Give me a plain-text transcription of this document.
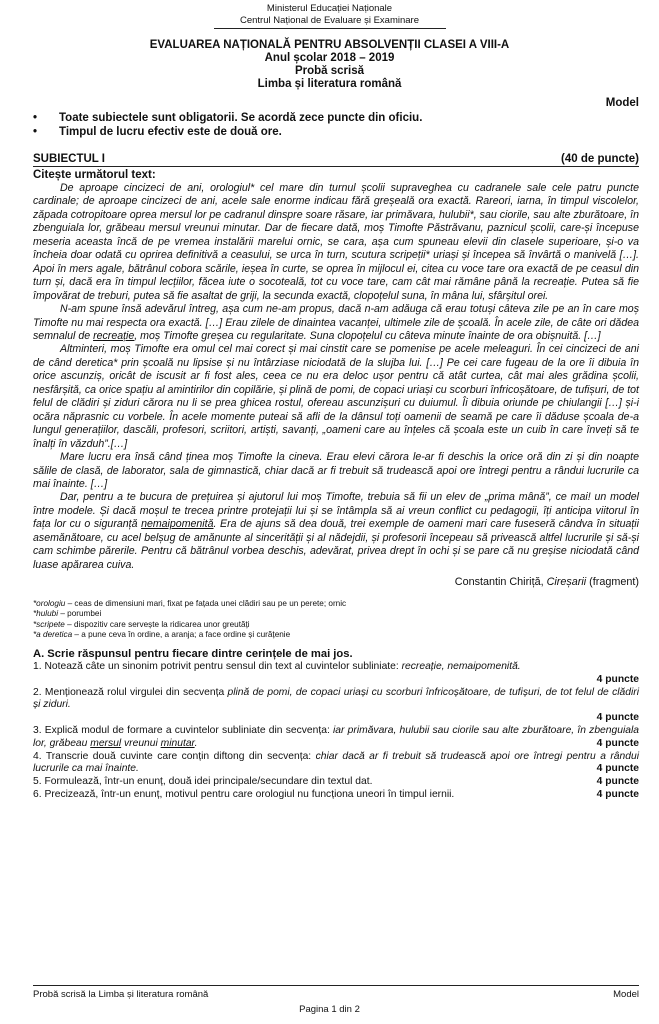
Ministerul Educației Naționale
Centrul Național de Evaluare și Examinare
EVALUAREA NAȚIONALĂ PENTRU ABSOLVENȚII CLASEI A VIII-A
Anul școlar 2018 – 2019
Probă scrisă
Limba și literatura română
Model
• Toate subiectele sunt obligatorii. Se acordă zece puncte din oficiu.
• Timpul de lucru efectiv este de două ore.
SUBIECTUL I	(40 de puncte)
Citește următorul text:

De aproape cincizeci de ani, orologiul* cel mare din turnul școlii supraveghea cu cadranele sale cele patru puncte cardinale; de aproape cincizeci de ani, acele sale enorme indicau fără greșeală ora exactă. Rareori, iarna, în timpul viscolelor, zăpada cotropitoare oprea mersul lor pe cadranul dinspre soare răsare, iar primăvara, hulubii*, sau ciorile, sau alte zburătoare, în zbenguiala lor, grăbeau mersul vreunui minutar. Dar de fiecare dată, moș Timofte Păstrăvanu, paznicul școlii, care-și începuse meseria aceasta încă de pe vremea instalării marelui ornic, se cara, așa cum spuneau elevii din clasele superioare, și-o va încheia doar odată cu oprirea definitivă a ceasului, se urca în turn, scutura scripeții* uriași și începea să învârtă o manivelă […]. Apoi în mers agale, bătrânul cobora scările, ieșea în curte, se oprea în mijlocul ei, citea cu voce tare ora exactă de pe ceasul din turn și, dacă era în timpul lecțiilor, făcea iute o socoteală, tot cu voce tare, cam cât mai rămâne până la recreație. Putea să fie împovărat de treburi, putea să fie asaltat de griji, la secunda exactă, clopoțelul suna, în mâna lui, sfârșitul orei.

N-am spune însă adevărul întreg, așa cum ne-am propus, dacă n-am adăuga că erau totuși câteva zile pe an în care moș Timofte nu mai respecta ora exactă. […] Erau zilele de dinaintea vacanței, ultimele zile de școală. În acele zile, de câte ori dădea semnalul de recreație, moș Timofte greșea cu regularitate. Suna clopoțelul cu câteva minute înainte de ora obișnuită. […]

Altminteri, moș Timofte era omul cel mai corect și mai cinstit care se pomenise pe acele meleaguri. În cei cincizeci de ani de când deretica* prin școală nu lipsise și nu întârziase niciodată de la slujba lui. […] Pe cei care fugeau de la ore îi dibuia în orice ascunziș, oricât de iscusit ar fi fost ales, ceea ce nu era deloc ușor pentru că atât curtea, cât mai ales grădina școlii, nesfârșită, ca orice spațiu al amintirilor din copilărie, și plină de pomi, de copaci uriași cu scorburi înfricoșătoare, de tufișuri, de tot felul de clădiri și ziduri cărora nu li se prea ghicea rostul, ofereau ascunzișuri cu duiumul. Îi dibuia oriunde pe chiulangii […] și-i ocăra năprasnic cu vorbele. În acele momente puteai să afli de la dânsul toți oamenii de seamă pe care îi dăduse școala de-a lungul generațiilor, dascăli, profesori, scriitori, artiști, savanți, „oameni care au înțeles că școala este un cuib în care înveți să te înalți în văzduh”.[…]

Mare lucru era însă când ținea moș Timofte la cineva. Erau elevi cărora le-ar fi deschis la orice oră din zi și din noapte sălile de clasă, de laborator, sala de gimnastică, chiar dacă ar fi trebuit să trudească apoi ore întregi pentru a rândui lucrurile ca mai înainte. […]

Dar, pentru a te bucura de prețuirea și ajutorul lui moș Timofte, trebuia să fii un elev de „prima mână”, ce mai! un model între modele. Și dacă moșul te trecea printre protejații lui și se întâmpla să ai vreun conflict cu pedagogii, îți anticipa viitorul în fața lor cu o siguranță nemaipomenită. Era de ajuns să dea două, trei exemple de oameni mari care fuseseră cândva în situații asemănătoare, cu acel belșug de amănunte al sincerității și al nădejdii, și profesorii începeau să privească altfel lucrurile și să-și cam schimbe părerile. Pentru că bătrânul vorbea deschis, adevărat, privea drept în ochi și se pare că nu greșise niciodată când luase apărarea cuiva.

Constantin Chiriță, Cireșarii (fragment)
*orologiu – ceas de dimensiuni mari, fixat pe fațada unei clădiri sau pe un perete; ornic
*hulubi – porumbei
*scripete – dispozitiv care servește la ridicarea unor greutăți
*a deretica – a pune ceva în ordine, a aranja; a face ordine și curățenie
A. Scrie răspunsul pentru fiecare dintre cerințele de mai jos.
1. Notează câte un sinonim potrivit pentru sensul din text al cuvintelor subliniate: recreație, nemaipomenită.
4 puncte
2. Menționează rolul virgulei din secvența plină de pomi, de copaci uriași cu scorburi înfricoșătoare, de tufișuri, de tot felul de clădiri și ziduri.
4 puncte
3. Explică modul de formare a cuvintelor subliniate din secvența: iar primăvara, hulubii sau ciorile sau alte zburătoare, în zbenguiala lor, grăbeau mersul vreunui minutar.	4 puncte
4. Transcrie două cuvinte care conțin diftong din secvența: chiar dacă ar fi trebuit să trudească apoi ore întregi pentru a rândui lucrurile ca mai înainte.	4 puncte
5. Formulează, într-un enunț, două idei principale/secundare din textul dat.	4 puncte
6. Precizează, într-un enunț, motivul pentru care orologiul nu funcționa uneori în timpul iernii.	4 puncte
Probă scrisă la Limba și literatura română	Model
Pagina 1 din 2
